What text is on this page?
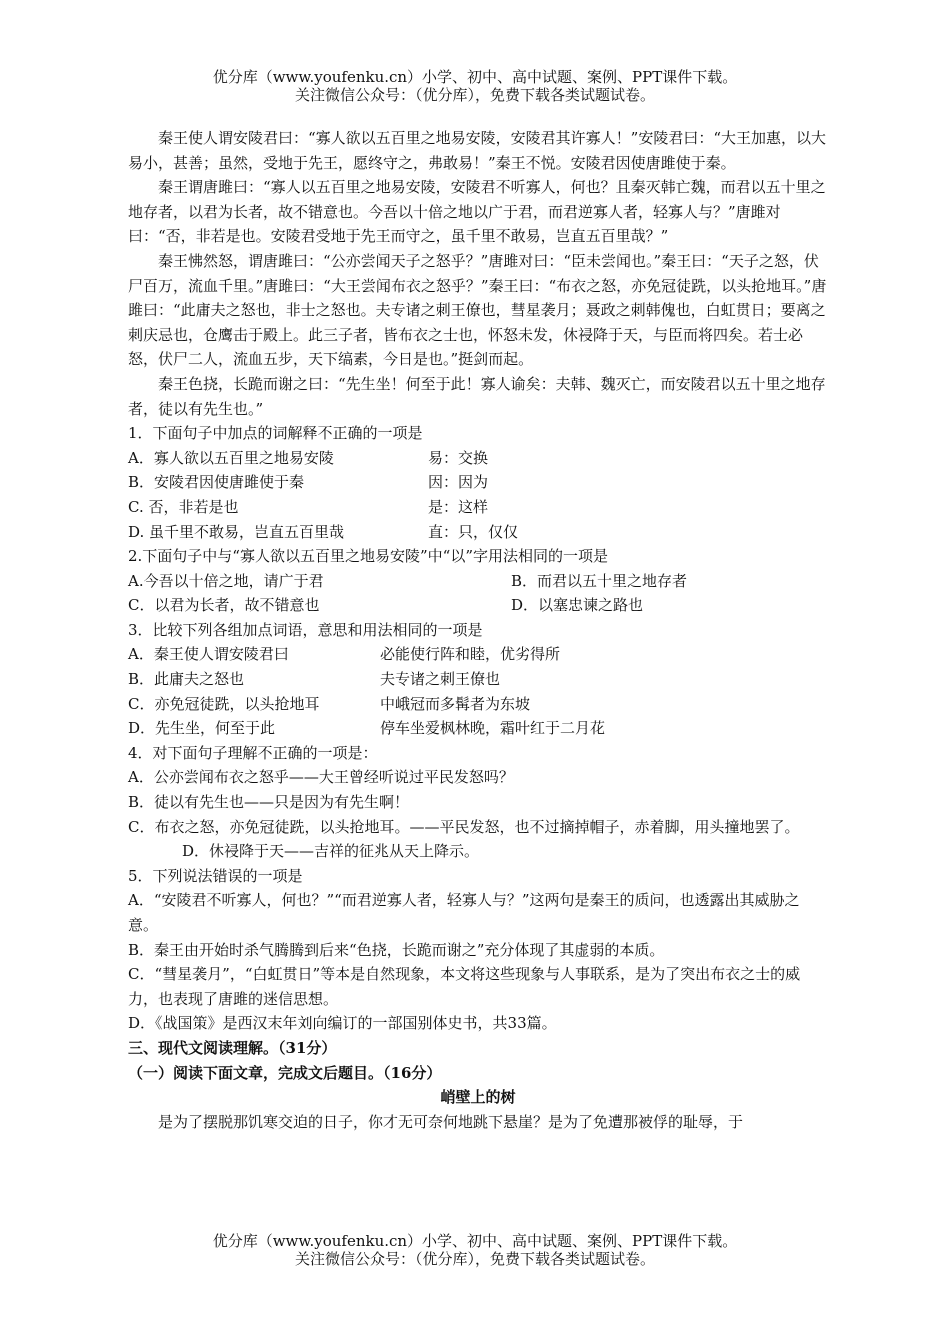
优分库（www.youfenku.cn）小学、初中、高中试题、案例、PPT课件下载。
关注微信公众号：（优分库），免费下载各类试题试卷。

秦王使人谓安陵君曰：“寡人欲以五百里之地易安陵，安陵君其许寡人！”安陵君曰：“大王加惠，以大易小，甚善；虽然，受地于先王，愿终守之，弗敢易！”秦王不悦。安陵君因使唐雎使于秦。

秦王谓唐雎曰：“寡人以五百里之地易安陵，安陵君不听寡人，何也？且秦灭韩亡魏，而君以五十里之地存者，以君为长者，故不错意也。今吾以十倍之地以广于君，而君逆寡人者，轻寡人与？”唐雎对曰：“否，非若是也。安陵君受地于先王而守之，虽千里不敢易，岂直五百里哉？”

秦王怫然怒，谓唐雎曰：“公亦尝闻天子之怒乎？”唐雎对曰：“臣未尝闻也。”秦王曰：“天子之怒，伏尸百万，流血千里。”唐雎曰：“大王尝闻布衣之怒乎？”秦王曰：“布衣之怒，亦免冠徒跣，以头抢地耳。”唐雎曰：“此庸夫之怒也，非士之怒也。夫专诸之刺王僚也，彗星袭月；聂政之刺韩傀也，白虹贯日；要离之刺庆忌也，仓鹰击于殿上。此三子者，皆布衣之士也，怀怒未发，休祲降于天，与臣而将四矣。若士必怒，伏尸二人，流血五步，天下缟素，今日是也。”挺剑而起。

秦王色挠，长跪而谢之曰：“先生坐！何至于此！寡人谕矣：夫韩、魏灭亡，而安陵君以五十里之地存者，徒以有先生也。”

1．下面句子中加点的词解释不正确的一项是

A．寡人欲以五百里之地易安陵	易：交换
B．安陵君因使唐雎使于秦	因：因为
C. 否，非若是也	是：这样
D. 虽千里不敢易，岂直五百里哉	直：只，仅仅

2.下面句子中与“寡人欲以五百里之地易安陵”中“以”字用法相同的一项是

A.今吾以十倍之地，请广于君	B．而君以五十里之地存者
C．以君为长者，故不错意也	D．以塞忠谏之路也

3．比较下列各组加点词语，意思和用法相同的一项是

A．秦王使人谓安陵君曰	必能使行阵和睦，优劣得所
B．此庸夫之怒也	夫专诸之刺王僚也
C．亦免冠徒跣，以头抢地耳	中峨冠而多髯者为东坡
D．先生坐，何至于此	停车坐爱枫林晚，霜叶红于二月花

4．对下面句子理解不正确的一项是：

A．公亦尝闻布衣之怒乎——大王曾经听说过平民发怒吗？

B．徒以有先生也——只是因为有先生啊！

C．布衣之怒，亦免冠徒跣，以头抢地耳。——平民发怒，也不过摘掉帽子，赤着脚，用头撞地罢了。D．休祲降于天——吉祥的征兆从天上降示。

5．下列说法错误的一项是

A．“安陵君不听寡人，何也？”“而君逆寡人者，轻寡人与？”这两句是秦王的质问，也透露出其威胁之意。

B．秦王由开始时杀气腾腾到后来“色挠，长跪而谢之”充分体现了其虚弱的本质。

C．“彗星袭月”，“白虹贯日”等本是自然现象，本文将这些现象与人事联系，是为了突出布衣之士的威力，也表现了唐雎的迷信思想。

D．《战国策》是西汉末年刘向编订的一部国别体史书，共33篇。

三、现代文阅读理解。（31分）

（一）阅读下面文章，完成文后题目。（16分）

峭壁上的树

是为了摆脱那饥寒交迫的日子，你才无可奈何地跳下悬崖？是为了免遭那被俘的耻辱，于

优分库（www.youfenku.cn）小学、初中、高中试题、案例、PPT课件下载。
关注微信公众号：（优分库），免费下载各类试题试卷。
